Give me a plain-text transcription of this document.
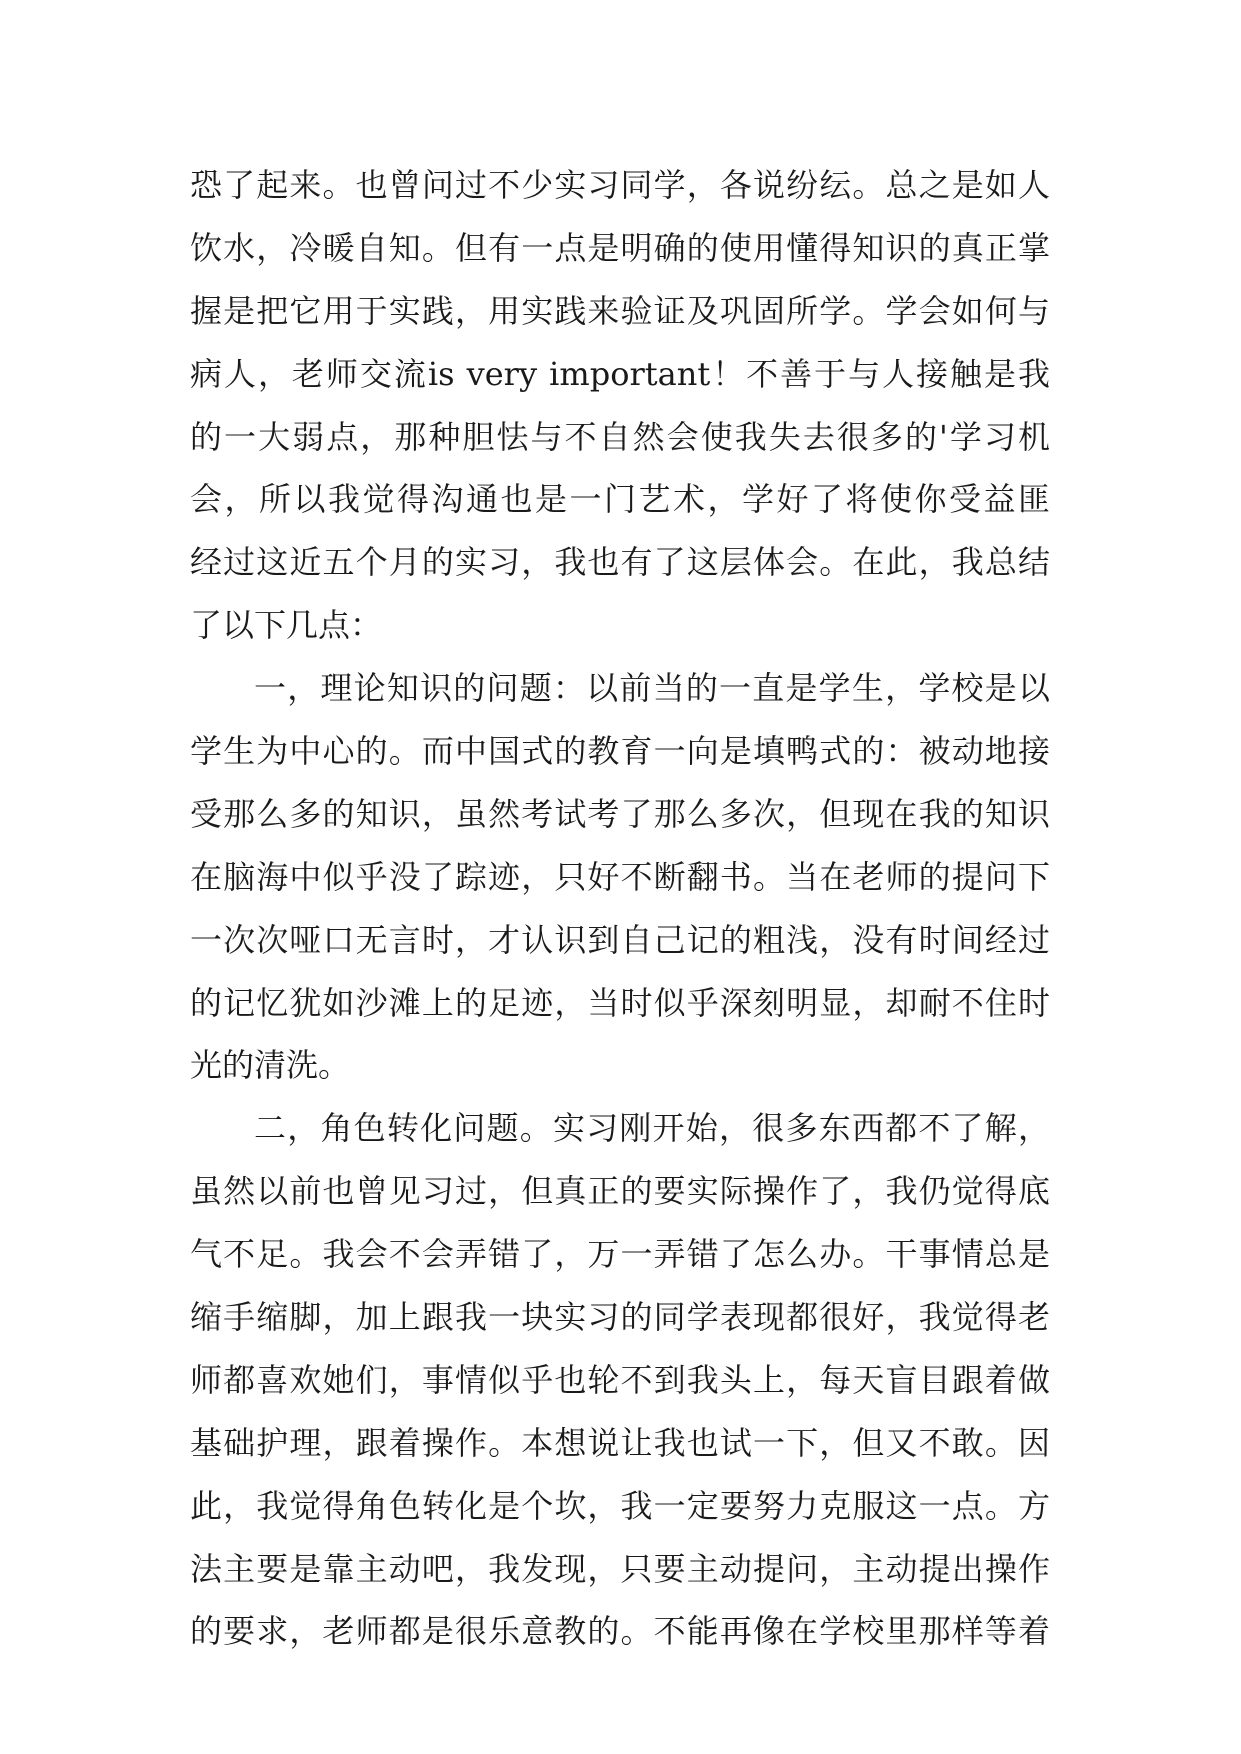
恐了起来。也曾问过不少实习同学，各说纷纭。总之是如人
饮水，冷暖自知。但有一点是明确的使用懂得知识的真正掌
握是把它用于实践，用实践来验证及巩固所学。学会如何与
病人，老师交流is very important！不善于与人接触是我
的一大弱点，那种胆怯与不自然会使我失去很多的'学习机
会，所以我觉得沟通也是一门艺术，学好了将使你受益匪
经过这近五个月的实习，我也有了这层体会。在此，我总结
了以下几点：
一，理论知识的问题：以前当的一直是学生，学校是以
学生为中心的。而中国式的教育一向是填鸭式的：被动地接
受那么多的知识，虽然考试考了那么多次，但现在我的知识
在脑海中似乎没了踪迹，只好不断翻书。当在老师的提问下
一次次哑口无言时，才认识到自己记的粗浅，没有时间经过
的记忆犹如沙滩上的足迹，当时似乎深刻明显，却耐不住时
光的清洗。
二，角色转化问题。实习刚开始，很多东西都不了解，
虽然以前也曾见习过，但真正的要实际操作了，我仍觉得底
气不足。我会不会弄错了，万一弄错了怎么办。干事情总是
缩手缩脚，加上跟我一块实习的同学表现都很好，我觉得老
师都喜欢她们，事情似乎也轮不到我头上，每天盲目跟着做
基础护理，跟着操作。本想说让我也试一下，但又不敢。因
此，我觉得角色转化是个坎，我一定要努力克服这一点。方
法主要是靠主动吧，我发现，只要主动提问，主动提出操作
的要求，老师都是很乐意教的。不能再像在学校里那样等着
